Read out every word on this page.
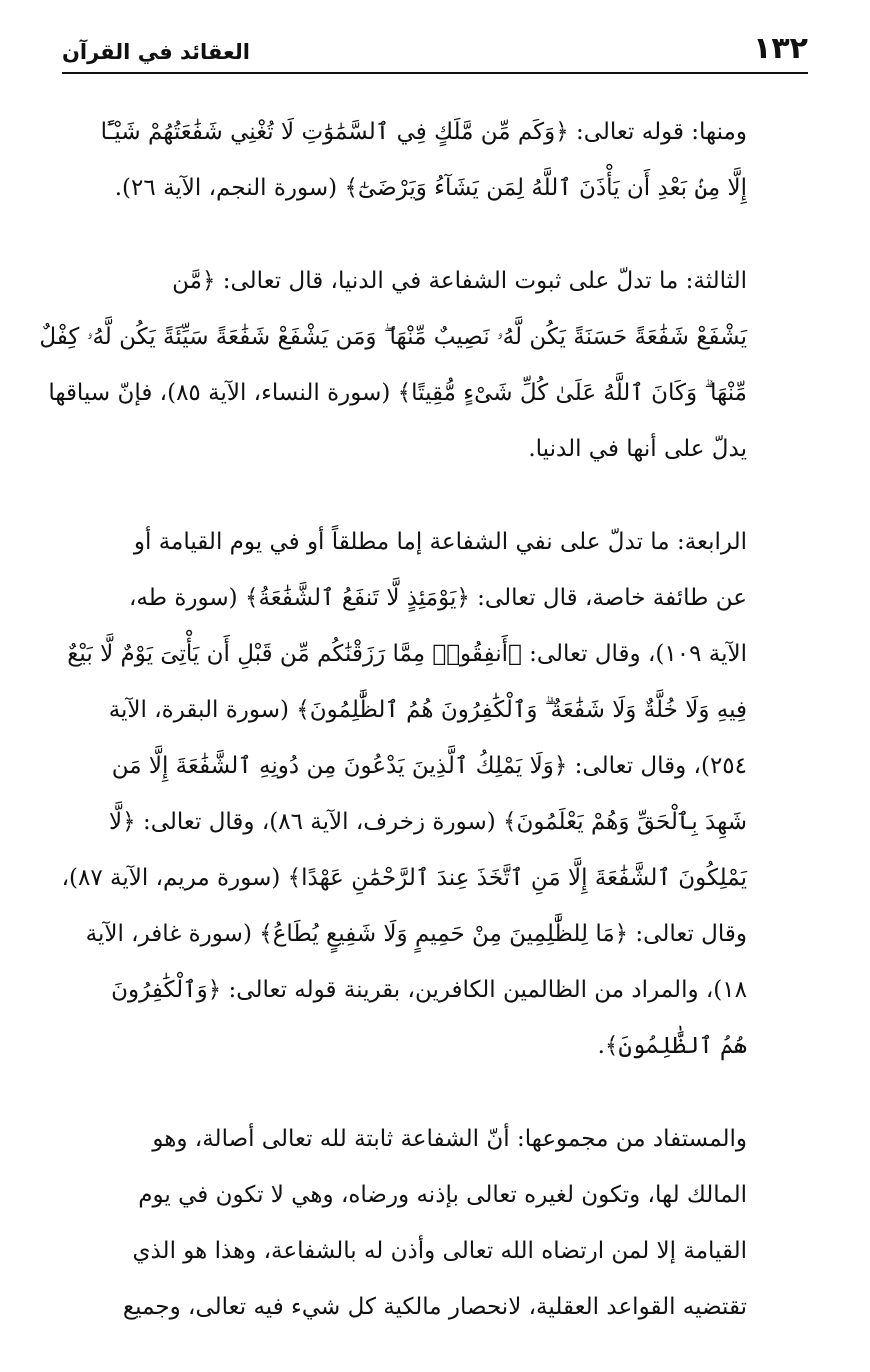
١٣٢
العقائد في القرآن

ومنها: قوله تعالى: ﴿وَكَم مِّن مَّلَكٍ فِي ٱلسَّمَٰوَٰتِ لَا تُغْنِي شَفَٰعَتُهُمْ شَيْـًٔا
إِلَّا مِنۢ بَعْدِ أَن يَأْذَنَ ٱللَّهُ لِمَن يَشَآءُ وَيَرْضَىٰٓ﴾ (سورة النجم، الآية ٢٦).

الثالثة: ما تدلّ على ثبوت الشفاعة في الدنيا، قال تعالى: ﴿مَّن
يَشْفَعْ شَفَٰعَةً حَسَنَةً يَكُن لَّهُۥ نَصِيبٌ مِّنْهَا ۖ وَمَن يَشْفَعْ شَفَٰعَةً سَيِّئَةً يَكُن لَّهُۥ كِفْلٌ
مِّنْهَا ۗ وَكَانَ ٱللَّهُ عَلَىٰ كُلِّ شَىْءٍ مُّقِيتًا﴾ (سورة النساء، الآية ٨٥)، فإنّ سياقها
يدلّ على أنها في الدنيا.

الرابعة: ما تدلّ على نفي الشفاعة إما مطلقاً أو في يوم القيامة أو
عن طائفة خاصة، قال تعالى: ﴿يَوْمَئِذٍ لَّا تَنفَعُ ٱلشَّفَٰعَةُ﴾ (سورة طه،
الآية ١٠٩)، وقال تعالى: ﴿أَنفِقُوا۟ مِمَّا رَزَقْنَٰكُم مِّن قَبْلِ أَن يَأْتِىَ يَوْمٌ لَّا بَيْعٌ
فِيهِ وَلَا خُلَّةٌ وَلَا شَفَٰعَةٌ ۗ وَٱلْكَٰفِرُونَ هُمُ ٱلظَّٰلِمُونَ﴾ (سورة البقرة، الآية
٢٥٤)، وقال تعالى: ﴿وَلَا يَمْلِكُ ٱلَّذِينَ يَدْعُونَ مِن دُونِهِ ٱلشَّفَٰعَةَ إِلَّا مَن
شَهِدَ بِٱلْحَقِّ وَهُمْ يَعْلَمُونَ﴾ (سورة زخرف، الآية ٨٦)، وقال تعالى: ﴿لَّا
يَمْلِكُونَ ٱلشَّفَٰعَةَ إِلَّا مَنِ ٱتَّخَذَ عِندَ ٱلرَّحْمَٰنِ عَهْدًا﴾ (سورة مريم، الآية ٨٧)،
وقال تعالى: ﴿مَا لِلظَّٰلِمِينَ مِنْ حَمِيمٍ وَلَا شَفِيعٍ يُطَاعُ﴾ (سورة غافر، الآية
١٨)، والمراد من الظالمين الكافرين، بقرينة قوله تعالى: ﴿وَٱلْكَٰفِرُونَ
هُمُ ٱلظَّٰلِمُونَ﴾.

والمستفاد من مجموعها: أنّ الشفاعة ثابتة لله تعالى أصالة، وهو
المالك لها، وتكون لغيره تعالى بإذنه ورضاه، وهي لا تكون في يوم
القيامة إلا لمن ارتضاه الله تعالى وأذن له بالشفاعة، وهذا هو الذي
تقتضيه القواعد العقلية، لانحصار مالكية كل شيء فيه تعالى، وجميع
